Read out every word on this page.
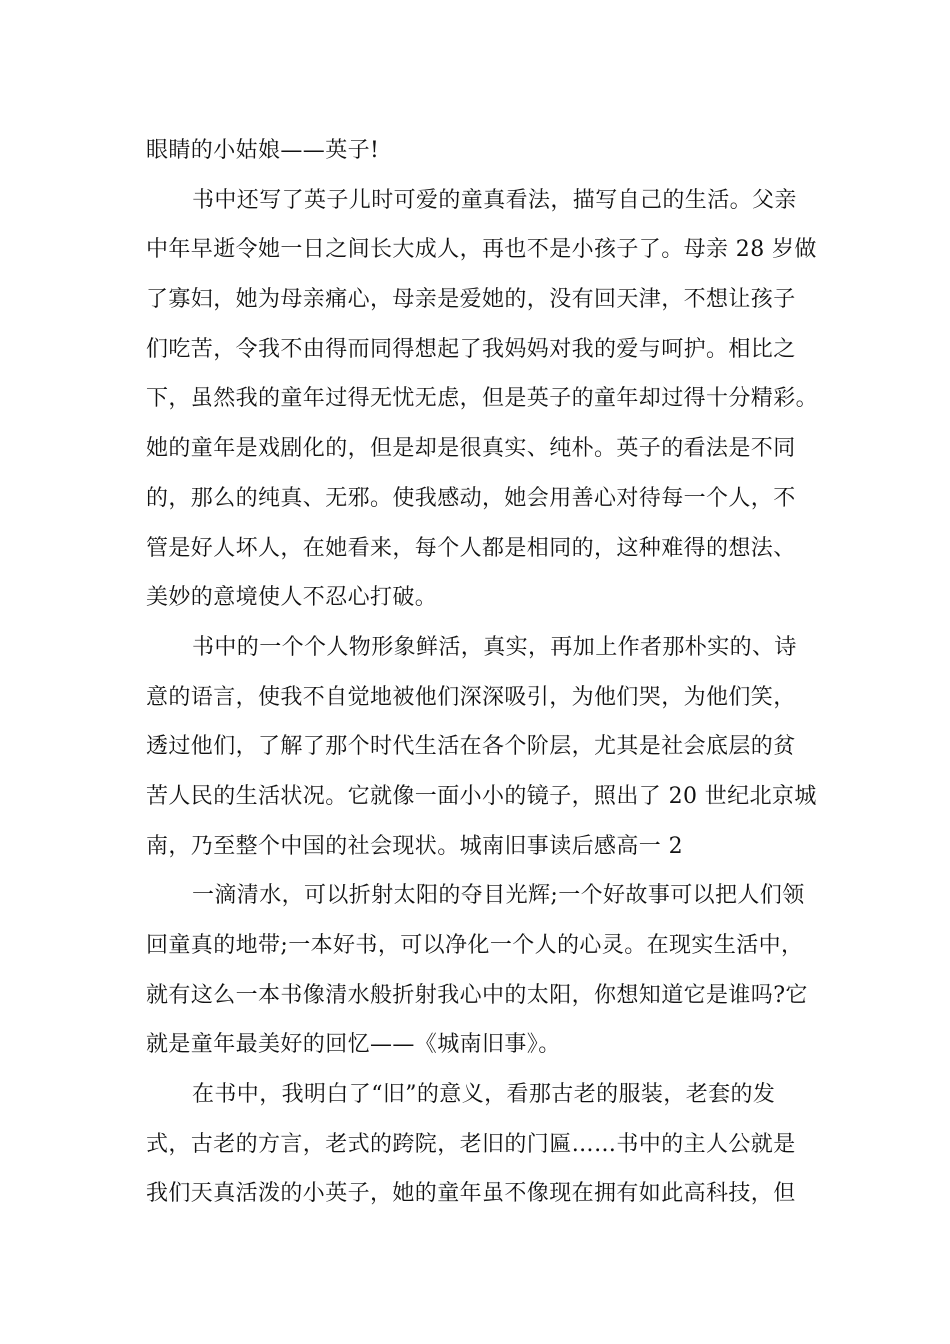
眼睛的小姑娘——英子!
书中还写了英子儿时可爱的童真看法，描写自己的生活。父亲
中年早逝令她一日之间长大成人，再也不是小孩子了。母亲 28 岁做
了寡妇，她为母亲痛心，母亲是爱她的，没有回天津，不想让孩子
们吃苦，令我不由得而同得想起了我妈妈对我的爱与呵护。相比之
下，虽然我的童年过得无忧无虑，但是英子的童年却过得十分精彩。
她的童年是戏剧化的，但是却是很真实、纯朴。英子的看法是不同
的，那么的纯真、无邪。使我感动，她会用善心对待每一个人，不
管是好人坏人，在她看来，每个人都是相同的，这种难得的想法、
美妙的意境使人不忍心打破。
书中的一个个人物形象鲜活，真实，再加上作者那朴实的、诗
意的语言，使我不自觉地被他们深深吸引，为他们哭，为他们笑，
透过他们，了解了那个时代生活在各个阶层，尤其是社会底层的贫
苦人民的生活状况。它就像一面小小的镜子，照出了 20 世纪北京城
南，乃至整个中国的社会现状。城南旧事读后感高一 2
一滴清水，可以折射太阳的夺目光辉;一个好故事可以把人们领
回童真的地带;一本好书，可以净化一个人的心灵。在现实生活中，
就有这么一本书像清水般折射我心中的太阳，你想知道它是谁吗?它
就是童年最美好的回忆——《城南旧事》。
在书中，我明白了“旧”的意义，看那古老的服装，老套的发
式，古老的方言，老式的跨院，老旧的门匾……书中的主人公就是
我们天真活泼的小英子，她的童年虽不像现在拥有如此高科技，但
